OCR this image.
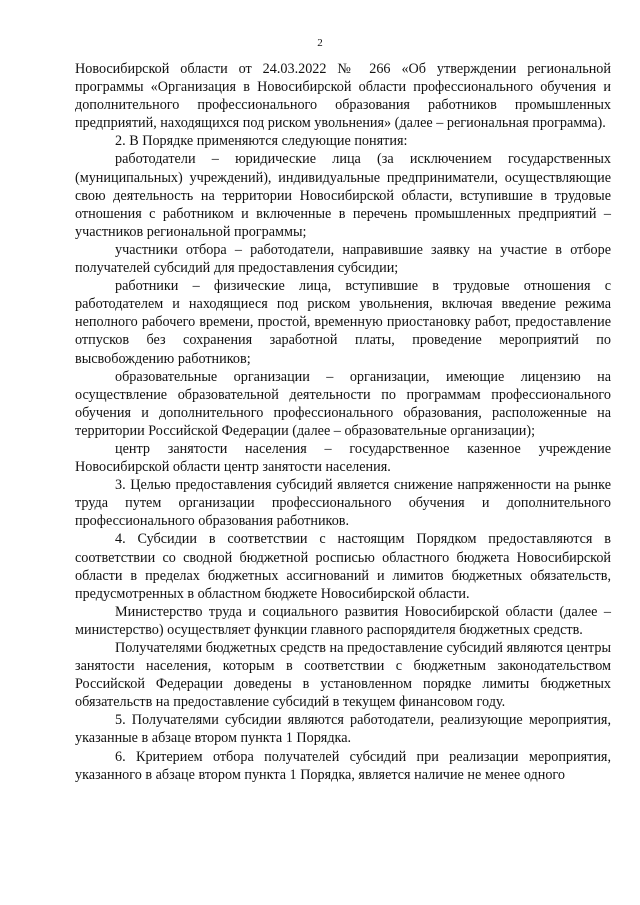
2

Новосибирской области от 24.03.2022 № 266 «Об утверждении региональной программы «Организация в Новосибирской области профессионального обучения и дополнительного профессионального образования работников промышленных предприятий, находящихся под риском увольнения» (далее – региональная программа).

2. В Порядке применяются следующие понятия:

работодатели – юридические лица (за исключением государственных (муниципальных) учреждений), индивидуальные предприниматели, осуществляющие свою деятельность на территории Новосибирской области, вступившие в трудовые отношения с работником и включенные в перечень промышленных предприятий – участников региональной программы;

участники отбора – работодатели, направившие заявку на участие в отборе получателей субсидий для предоставления субсидии;

работники – физические лица, вступившие в трудовые отношения с работодателем и находящиеся под риском увольнения, включая введение режима неполного рабочего времени, простой, временную приостановку работ, предоставление отпусков без сохранения заработной платы, проведение мероприятий по высвобождению работников;

образовательные организации – организации, имеющие лицензию на осуществление образовательной деятельности по программам профессионального обучения и дополнительного профессионального образования, расположенные на территории Российской Федерации (далее – образовательные организации);

центр занятости населения – государственное казенное учреждение Новосибирской области центр занятости населения.

3. Целью предоставления субсидий является снижение напряженности на рынке труда путем организации профессионального обучения и дополнительного профессионального образования работников.

4. Субсидии в соответствии с настоящим Порядком предоставляются в соответствии со сводной бюджетной росписью областного бюджета Новосибирской области в пределах бюджетных ассигнований и лимитов бюджетных обязательств, предусмотренных в областном бюджете Новосибирской области.

Министерство труда и социального развития Новосибирской области (далее – министерство) осуществляет функции главного распорядителя бюджетных средств.

Получателями бюджетных средств на предоставление субсидий являются центры занятости населения, которым в соответствии с бюджетным законодательством Российской Федерации доведены в установленном порядке лимиты бюджетных обязательств на предоставление субсидий в текущем финансовом году.

5. Получателями субсидии являются работодатели, реализующие мероприятия, указанные в абзаце втором пункта 1 Порядка.

6. Критерием отбора получателей субсидий при реализации мероприятия, указанного в абзаце втором пункта 1 Порядка, является наличие не менее одного
